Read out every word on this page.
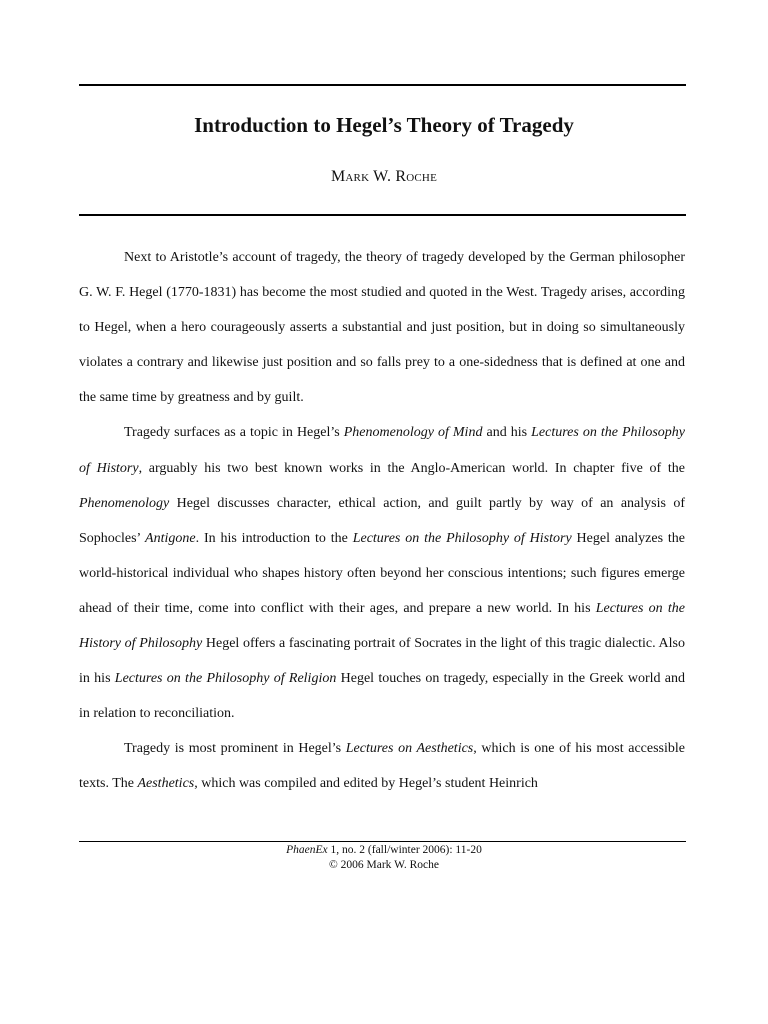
Introduction to Hegel’s Theory of Tragedy
Mark W. Roche

Next to Aristotle’s account of tragedy, the theory of tragedy developed by the German philosopher G. W. F. Hegel (1770-1831) has become the most studied and quoted in the West. Tragedy arises, according to Hegel, when a hero courageously asserts a substantial and just position, but in doing so simultaneously violates a contrary and likewise just position and so falls prey to a one-sidedness that is defined at one and the same time by greatness and by guilt.

Tragedy surfaces as a topic in Hegel’s Phenomenology of Mind and his Lectures on the Philosophy of History, arguably his two best known works in the Anglo-American world. In chapter five of the Phenomenology Hegel discusses character, ethical action, and guilt partly by way of an analysis of Sophocles’ Antigone. In his introduction to the Lectures on the Philosophy of History Hegel analyzes the world-historical individual who shapes history often beyond her conscious intentions; such figures emerge ahead of their time, come into conflict with their ages, and prepare a new world. In his Lectures on the History of Philosophy Hegel offers a fascinating portrait of Socrates in the light of this tragic dialectic. Also in his Lectures on the Philosophy of Religion Hegel touches on tragedy, especially in the Greek world and in relation to reconciliation.

Tragedy is most prominent in Hegel’s Lectures on Aesthetics, which is one of his most accessible texts. The Aesthetics, which was compiled and edited by Hegel’s student Heinrich

PhaenEx 1, no. 2 (fall/winter 2006): 11-20
© 2006 Mark W. Roche
